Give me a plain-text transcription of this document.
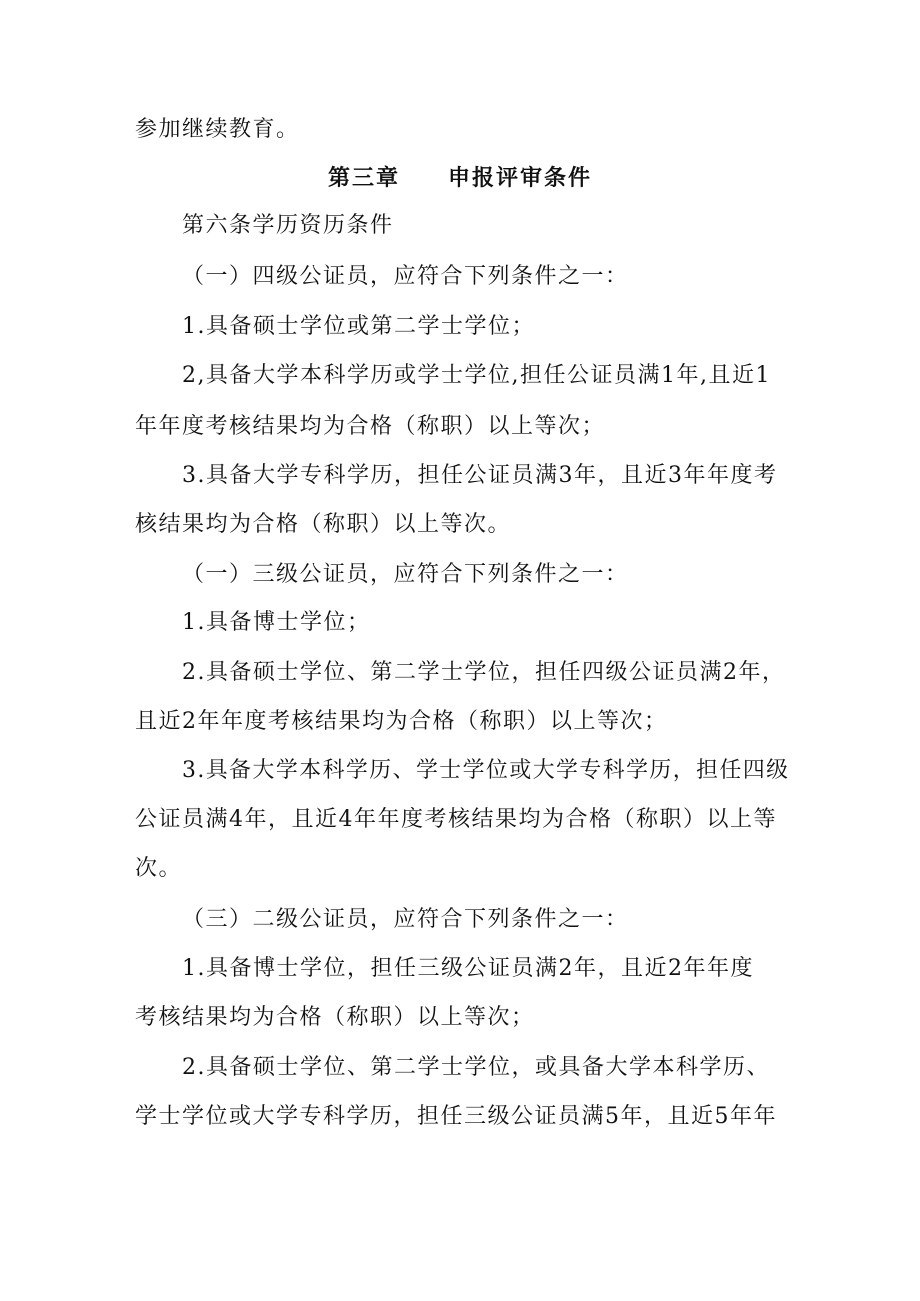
参加继续教育。
第三章　　申报评审条件
第六条学历资历条件
（一）四级公证员，应符合下列条件之一：
1.具备硕士学位或第二学士学位；
2,具备大学本科学历或学士学位,担任公证员满1年,且近1
年年度考核结果均为合格（称职）以上等次；
3.具备大学专科学历，担任公证员满3年，且近3年年度考
核结果均为合格（称职）以上等次。
（一）三级公证员，应符合下列条件之一：
1.具备博士学位；
2.具备硕士学位、第二学士学位，担任四级公证员满2年，
且近2年年度考核结果均为合格（称职）以上等次；
3.具备大学本科学历、学士学位或大学专科学历，担任四级
公证员满4年，且近4年年度考核结果均为合格（称职）以上等
次。
（三）二级公证员，应符合下列条件之一：
1.具备博士学位，担任三级公证员满2年，且近2年年度
考核结果均为合格（称职）以上等次；
2.具备硕士学位、第二学士学位，或具备大学本科学历、
学士学位或大学专科学历，担任三级公证员满5年，且近5年年
